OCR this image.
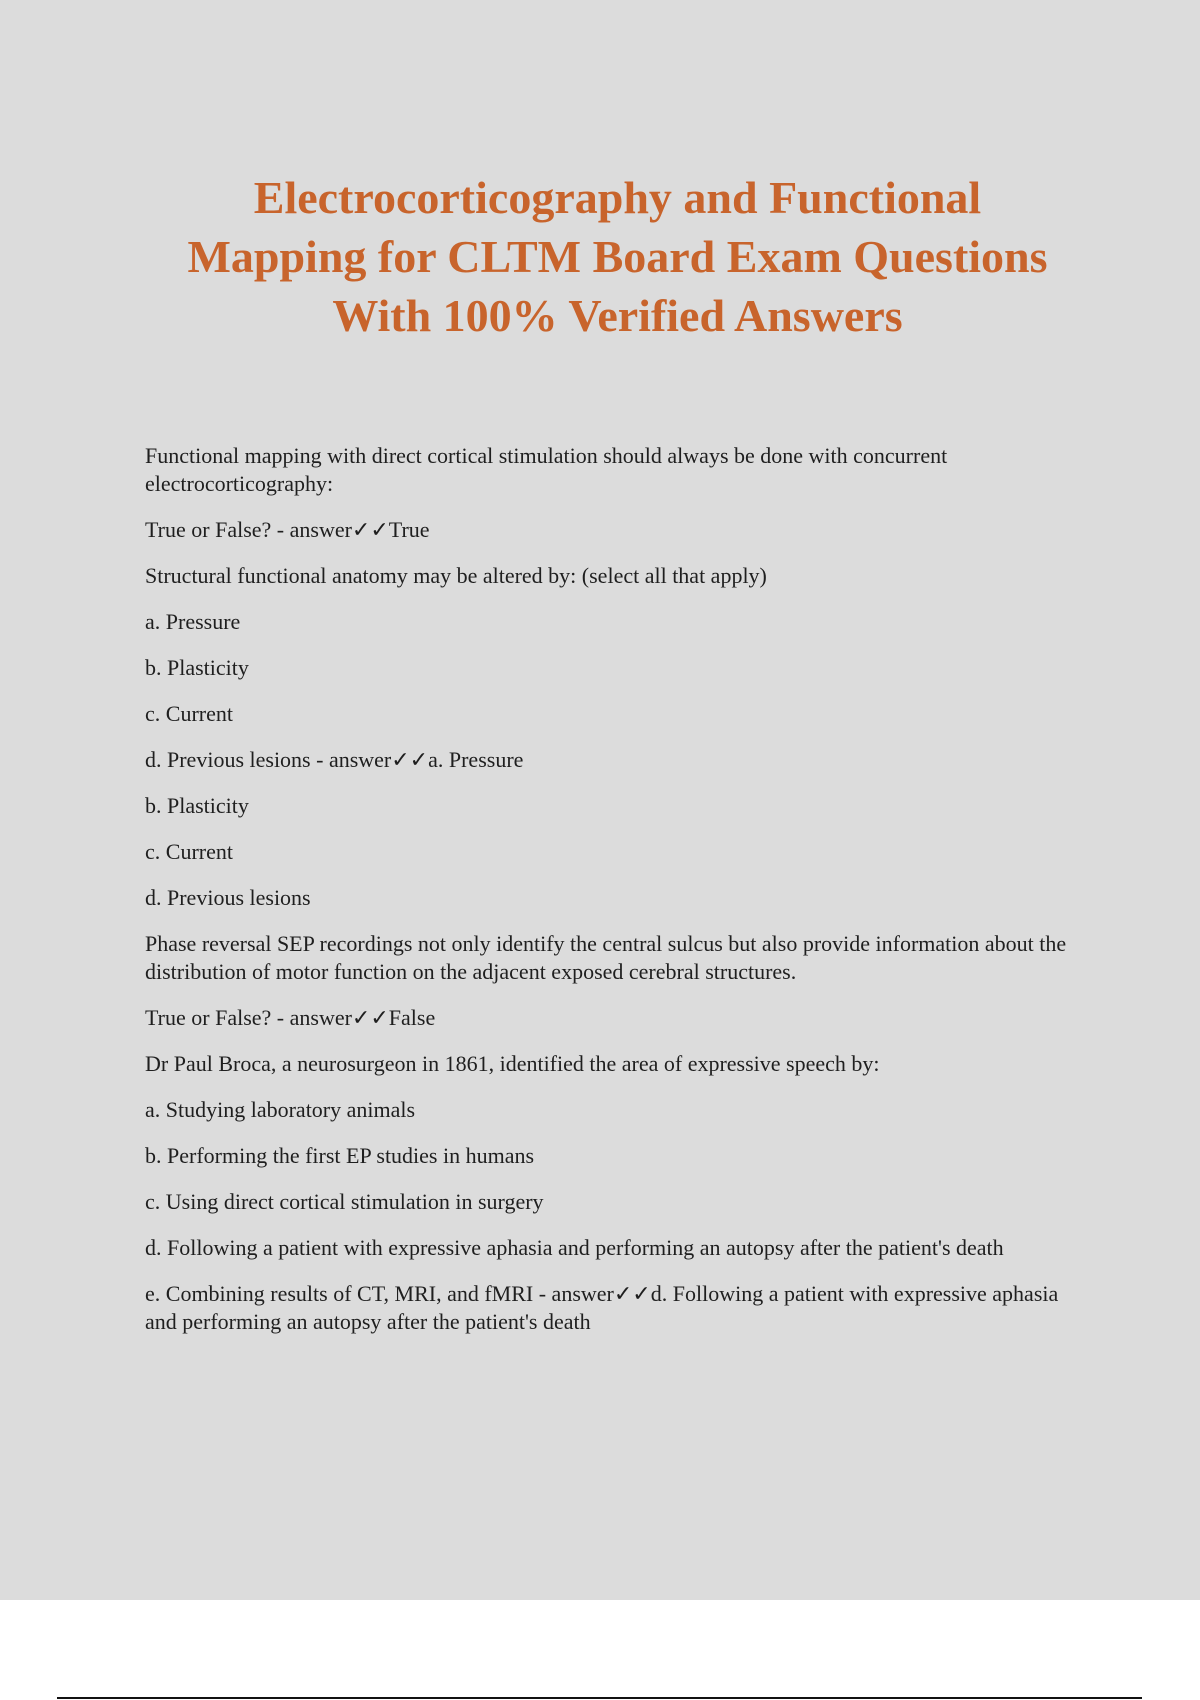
Electrocorticography and Functional
Mapping for CLTM Board Exam Questions
With 100% Verified Answers

Functional mapping with direct cortical stimulation should always be done with concurrent electrocorticography:

True or False? - answer✓✓True

Structural functional anatomy may be altered by: (select all that apply)

a. Pressure

b. Plasticity

c. Current

d. Previous lesions - answer✓✓a. Pressure

b. Plasticity

c. Current

d. Previous lesions

Phase reversal SEP recordings not only identify the central sulcus but also provide information about the distribution of motor function on the adjacent exposed cerebral structures.

True or False? - answer✓✓False

Dr Paul Broca, a neurosurgeon in 1861, identified the area of expressive speech by:

a. Studying laboratory animals

b. Performing the first EP studies in humans

c. Using direct cortical stimulation in surgery

d. Following a patient with expressive aphasia and performing an autopsy after the patient's death

e. Combining results of CT, MRI, and fMRI - answer✓✓d. Following a patient with expressive aphasia and performing an autopsy after the patient's death
